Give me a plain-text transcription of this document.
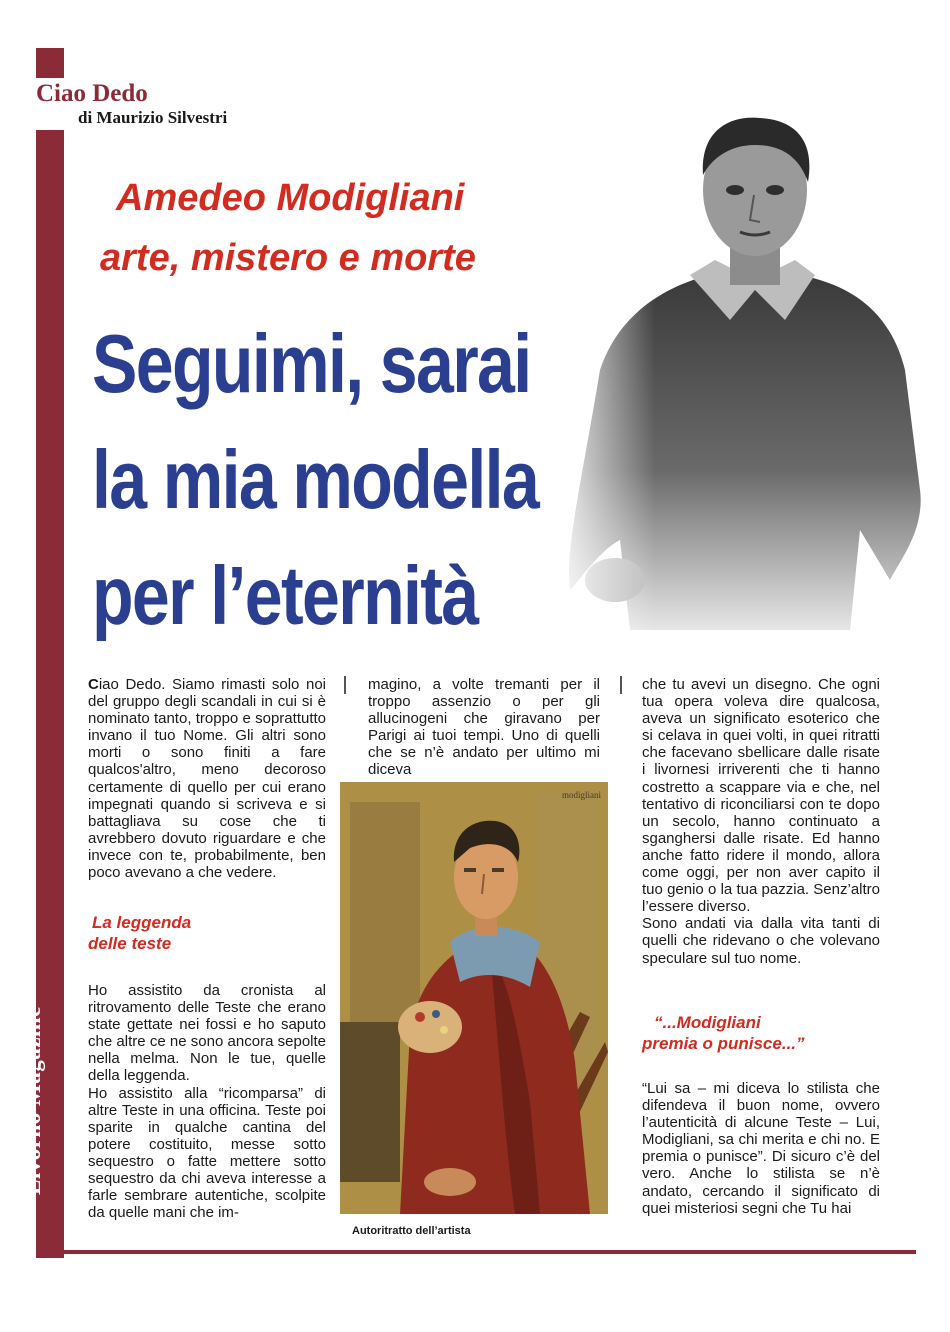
Livorno Magazine
Ciao Dedo
di Maurizio Silvestri
Amedeo Modigliani
arte, mistero e morte
Seguimi, sarai
la mia modella
per l’eternità

Ciao Dedo. Siamo rimasti solo noi del gruppo degli scandali in cui si è nominato tanto, troppo e soprattutto invano il tuo Nome. Gli altri sono morti o sono finiti a fare qualcos'altro, meno decoroso certamente di quello per cui erano impegnati quando si scriveva e si battagliava su cose che ti avrebbero dovuto riguardare e che invece con te, probabilmente, ben poco avevano a che vedere.

La leggenda
delle teste

Ho assistito da cronista al ritrovamento delle Teste che erano state gettate nei fossi e ho saputo che altre ce ne sono ancora sepolte nella melma. Non le tue, quelle della leggenda.

Ho assistito alla “ricomparsa” di altre Teste in una officina. Teste poi sparite in qualche cantina del potere costituito, messe sotto sequestro o fatte mettere sotto sequestro da chi aveva interesse a farle sembrare autentiche, scolpite da quelle mani che im-

magino, a volte tremanti per il troppo assenzio o per gli allucinogeni che giravano per Parigi ai tuoi tempi. Uno di quelli che se n’è andato per ultimo mi diceva

modigliani
Autoritratto dell’artista

che tu avevi un disegno. Che ogni tua opera voleva dire qualcosa, aveva un significato esoterico che si celava in quei volti, in quei ritratti che facevano sbellicare dalle risate i livornesi irriverenti che ti hanno costretto a scappare via e che, nel tentativo di riconciliarsi con te dopo un secolo, hanno continuato a sganghersi dalle risate. Ed hanno anche fatto ridere il mondo, allora come oggi, per non aver capito il tuo genio o la tua pazzia. Senz’altro l’essere diverso.

Sono andati via dalla vita tanti di quelli che ridevano o che volevano speculare sul tuo nome.

“...Modigliani
premia o punisce...”

“Lui sa – mi diceva lo stilista che difendeva il buon nome, ovvero l’autenticità di alcune Teste – Lui, Modigliani, sa chi merita e chi no. E premia o punisce”. Di sicuro c’è del vero. Anche lo stilista se n’è andato, cercando il significato di quei misteriosi segni che Tu hai
